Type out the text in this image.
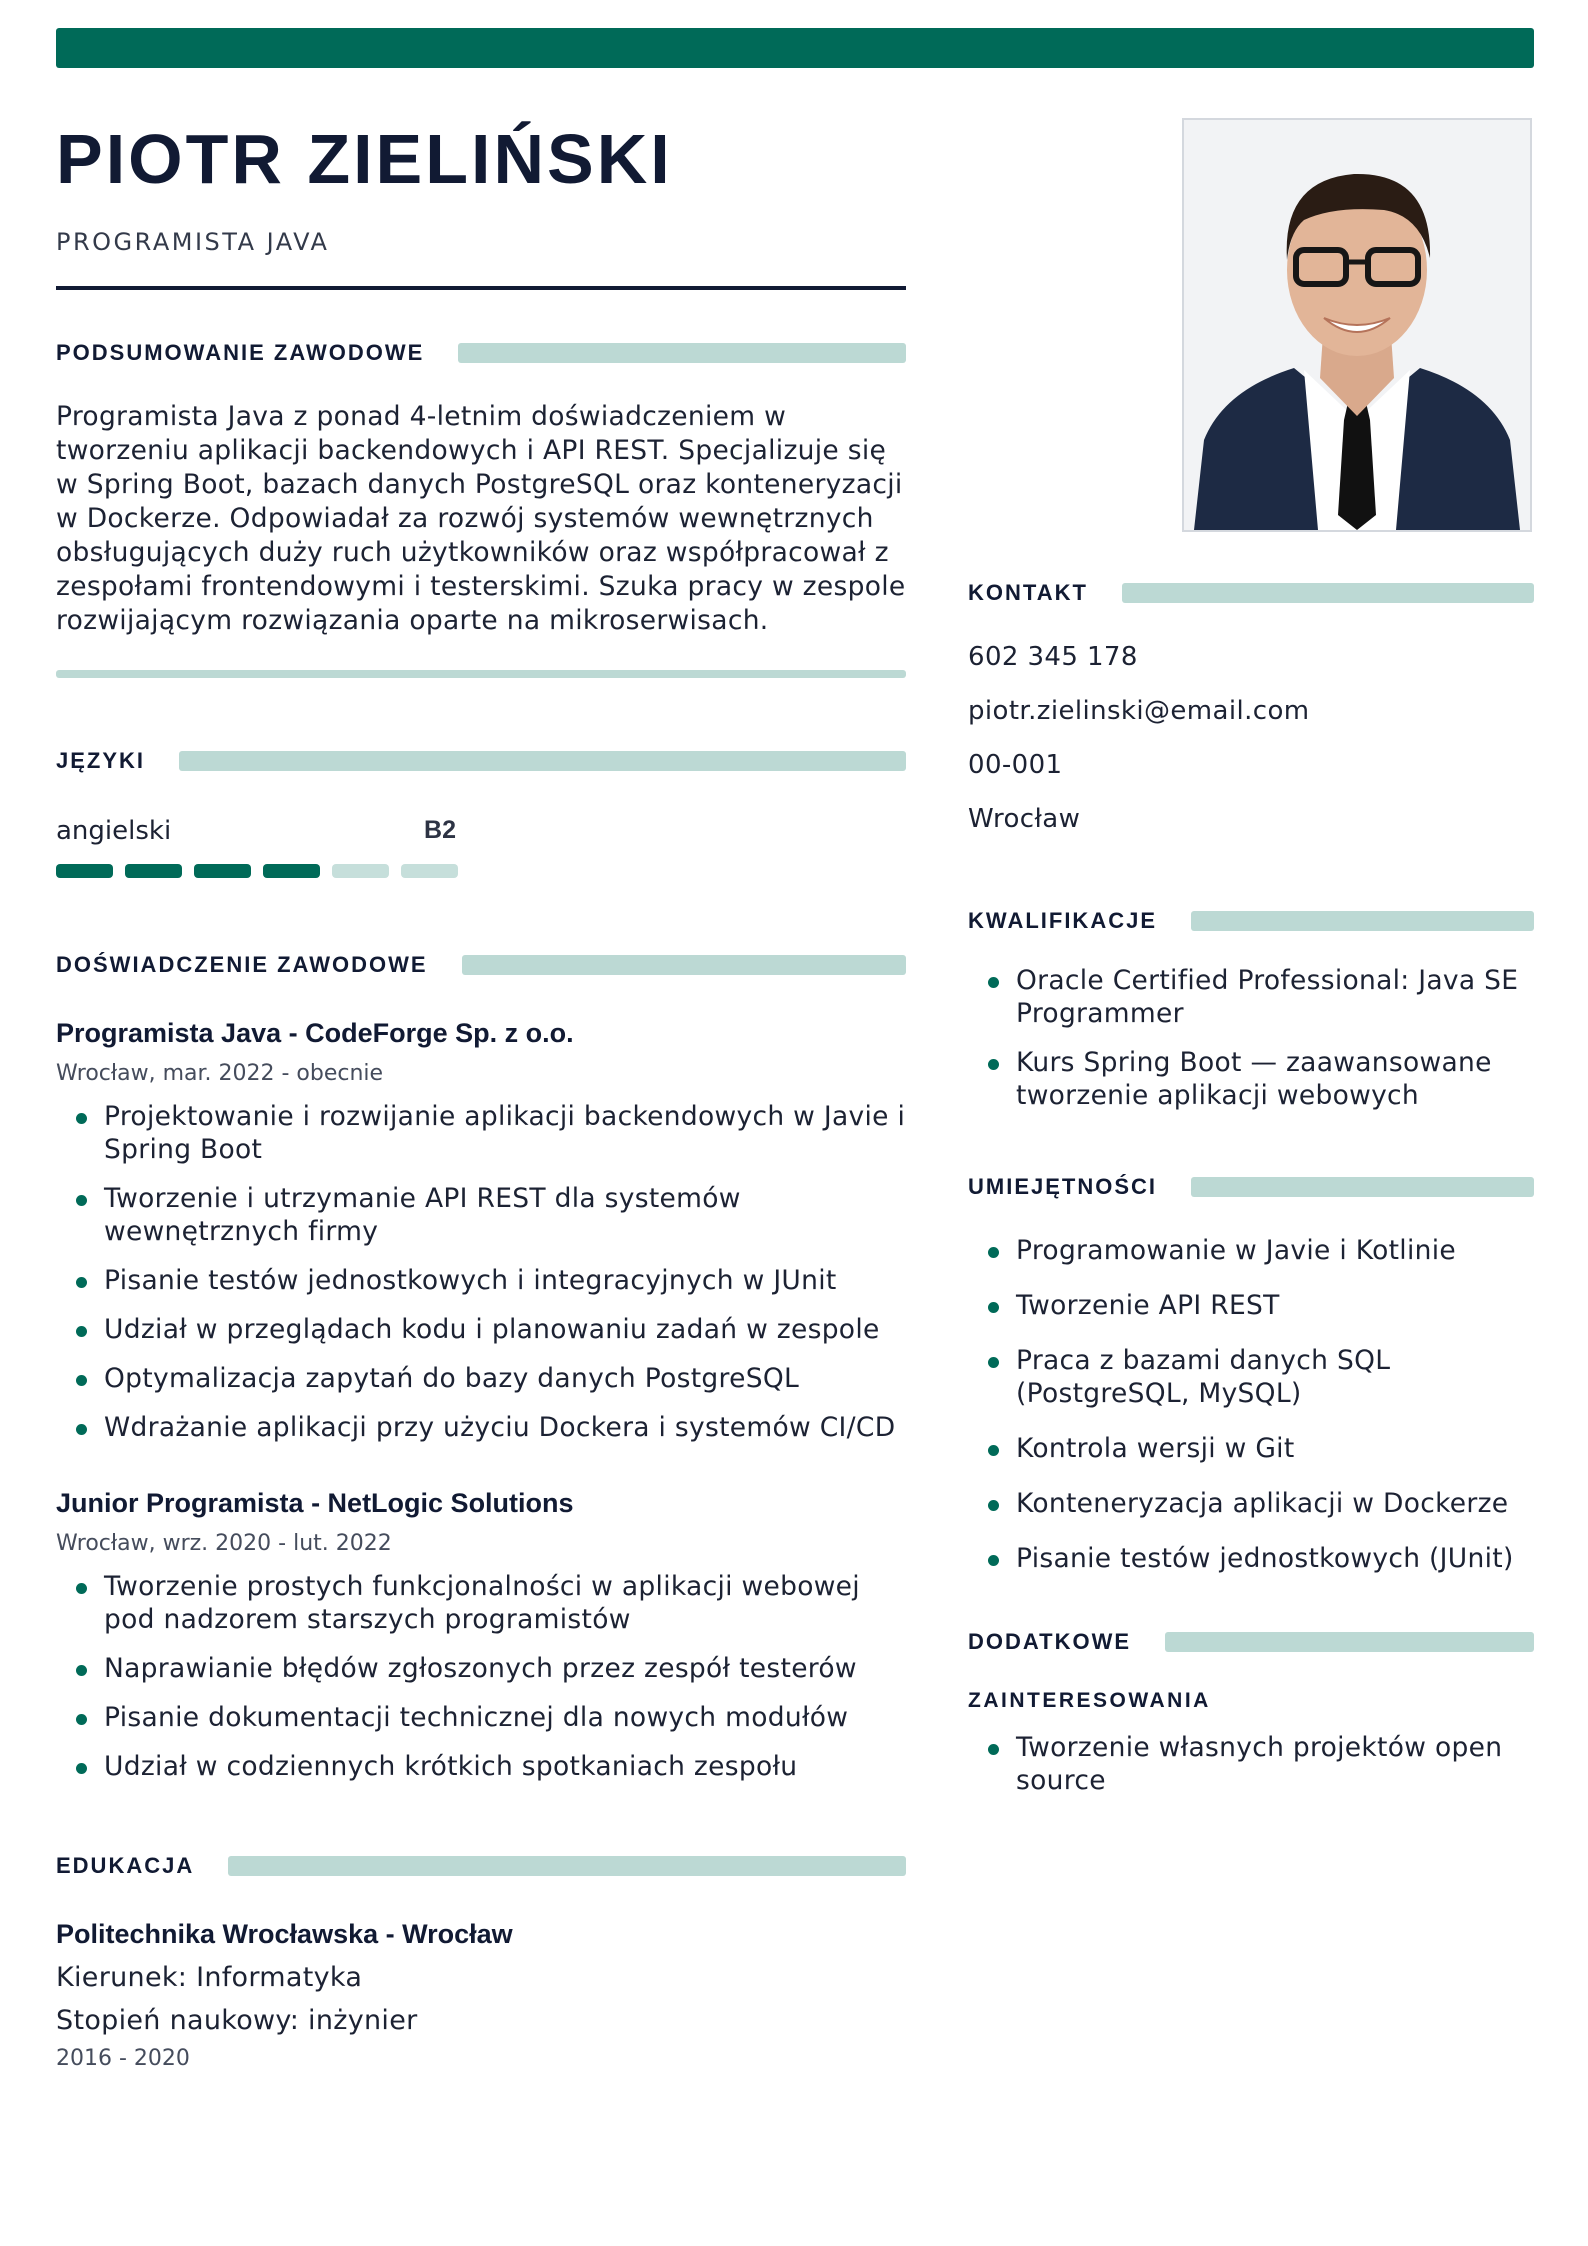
PIOTR ZIELIŃSKI
PROGRAMISTA JAVA
PODSUMOWANIE ZAWODOWE
Programista Java z ponad 4-letnim doświadczeniem w tworzeniu aplikacji backendowych i API REST. Specjalizuje się w Spring Boot, bazach danych PostgreSQL oraz konteneryzacji w Dockerze. Odpowiadał za rozwój systemów wewnętrznych obsługujących duży ruch użytkowników oraz współpracował z zespołami frontendowymi i testerskimi. Szuka pracy w zespole rozwijającym rozwiązania oparte na mikroserwisach.
JĘZYKI
angielski	B2
DOŚWIADCZENIE ZAWODOWE
Programista Java - CodeForge Sp. z o.o.
Wrocław, mar. 2022 - obecnie
Projektowanie i rozwijanie aplikacji backendowych w Javie i Spring Boot
Tworzenie i utrzymanie API REST dla systemów wewnętrznych firmy
Pisanie testów jednostkowych i integracyjnych w JUnit
Udział w przeglądach kodu i planowaniu zadań w zespole
Optymalizacja zapytań do bazy danych PostgreSQL
Wdrażanie aplikacji przy użyciu Dockera i systemów CI/CD
Junior Programista - NetLogic Solutions
Wrocław, wrz. 2020 - lut. 2022
Tworzenie prostych funkcjonalności w aplikacji webowej pod nadzorem starszych programistów
Naprawianie błędów zgłoszonych przez zespół testerów
Pisanie dokumentacji technicznej dla nowych modułów
Udział w codziennych krótkich spotkaniach zespołu
EDUKACJA
Politechnika Wrocławska - Wrocław
Kierunek: Informatyka
Stopień naukowy: inżynier
2016 - 2020
KONTAKT
602 345 178
piotr.zielinski@email.com
00-001
Wrocław
KWALIFIKACJE
Oracle Certified Professional: Java SE Programmer
Kurs Spring Boot — zaawansowane tworzenie aplikacji webowych
UMIEJĘTNOŚCI
Programowanie w Javie i Kotlinie
Tworzenie API REST
Praca z bazami danych SQL (PostgreSQL, MySQL)
Kontrola wersji w Git
Konteneryzacja aplikacji w Dockerze
Pisanie testów jednostkowych (JUnit)
DODATKOWE
ZAINTERESOWANIA
Tworzenie własnych projektów open source
